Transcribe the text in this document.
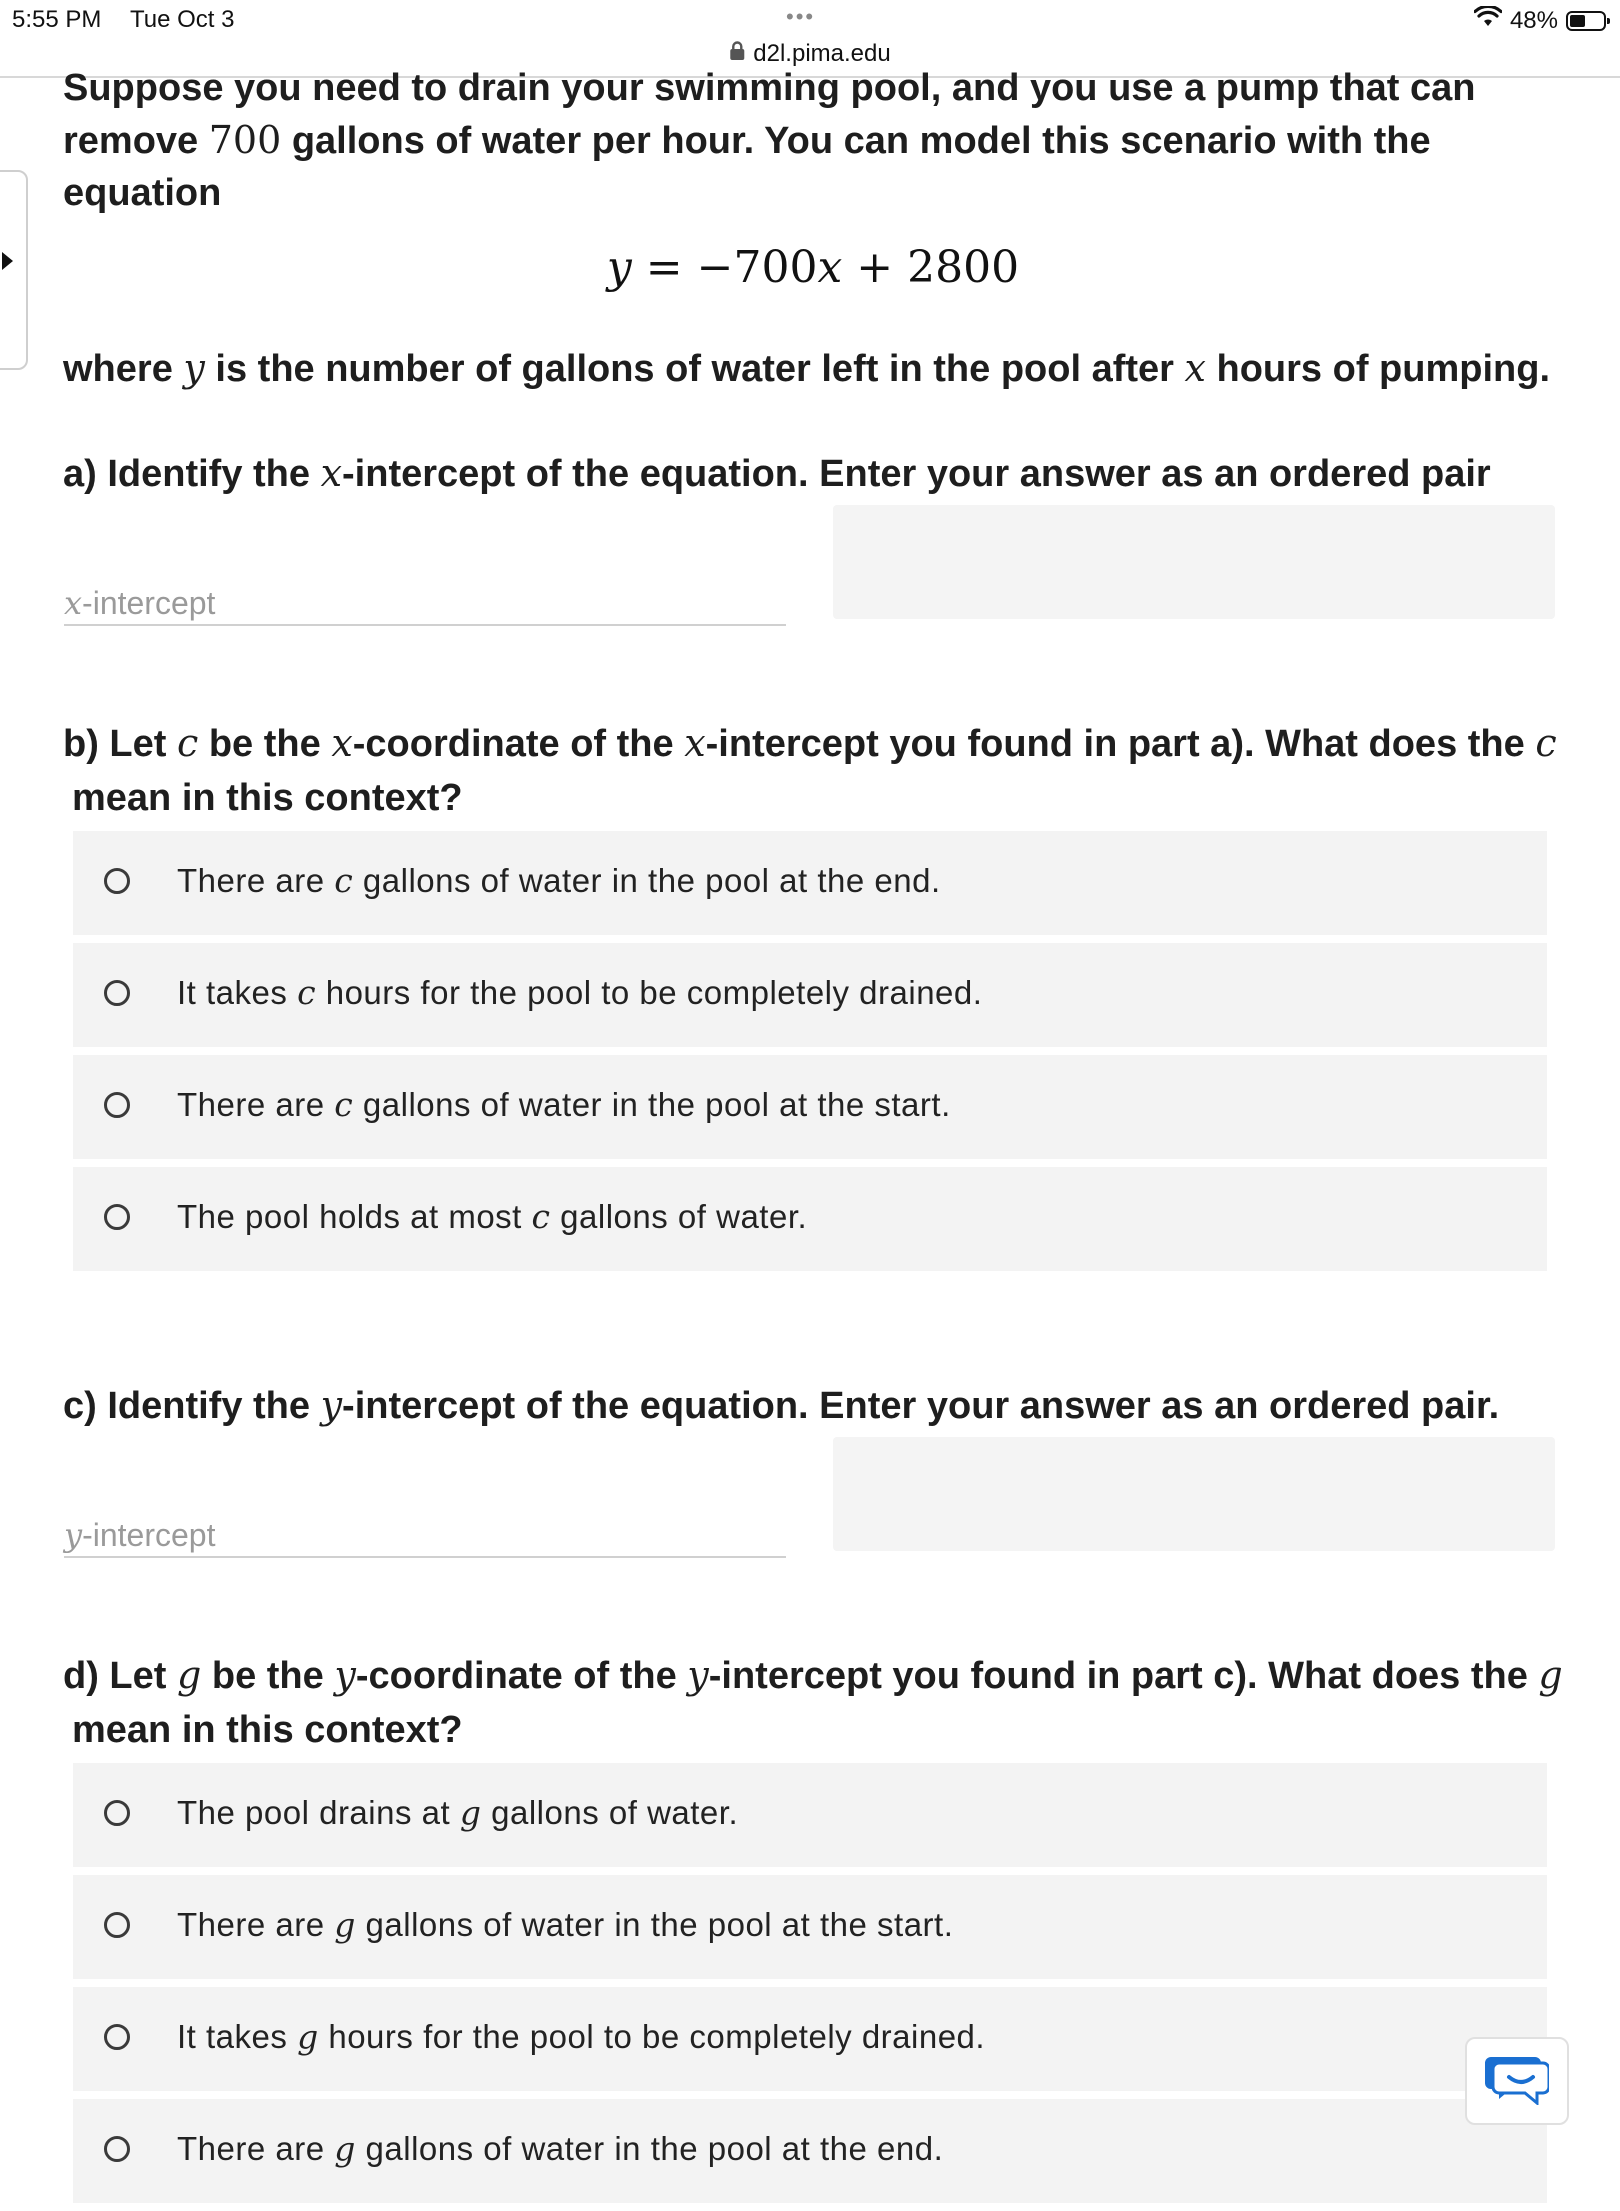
5:55 PM Tue Oct 3	•••	48%
d2l.pima.edu

Suppose you need to drain your swimming pool, and you use a pump that can remove 700 gallons of water per hour. You can model this scenario with the equation

y = −700x + 2800

where y is the number of gallons of water left in the pool after x hours of pumping.

a) Identify the x-intercept of the equation. Enter your answer as an ordered pair

x-intercept

b) Let c be the x-coordinate of the x-intercept you found in part a). What does the c
mean in this context?

There are c gallons of water in the pool at the end.
It takes c hours for the pool to be completely drained.
There are c gallons of water in the pool at the start.
The pool holds at most c gallons of water.

c) Identify the y-intercept of the equation. Enter your answer as an ordered pair.

y-intercept

d) Let g be the y-coordinate of the y-intercept you found in part c). What does the g
mean in this context?

The pool drains at g gallons of water.
There are g gallons of water in the pool at the start.
It takes g hours for the pool to be completely drained.
There are g gallons of water in the pool at the end.
